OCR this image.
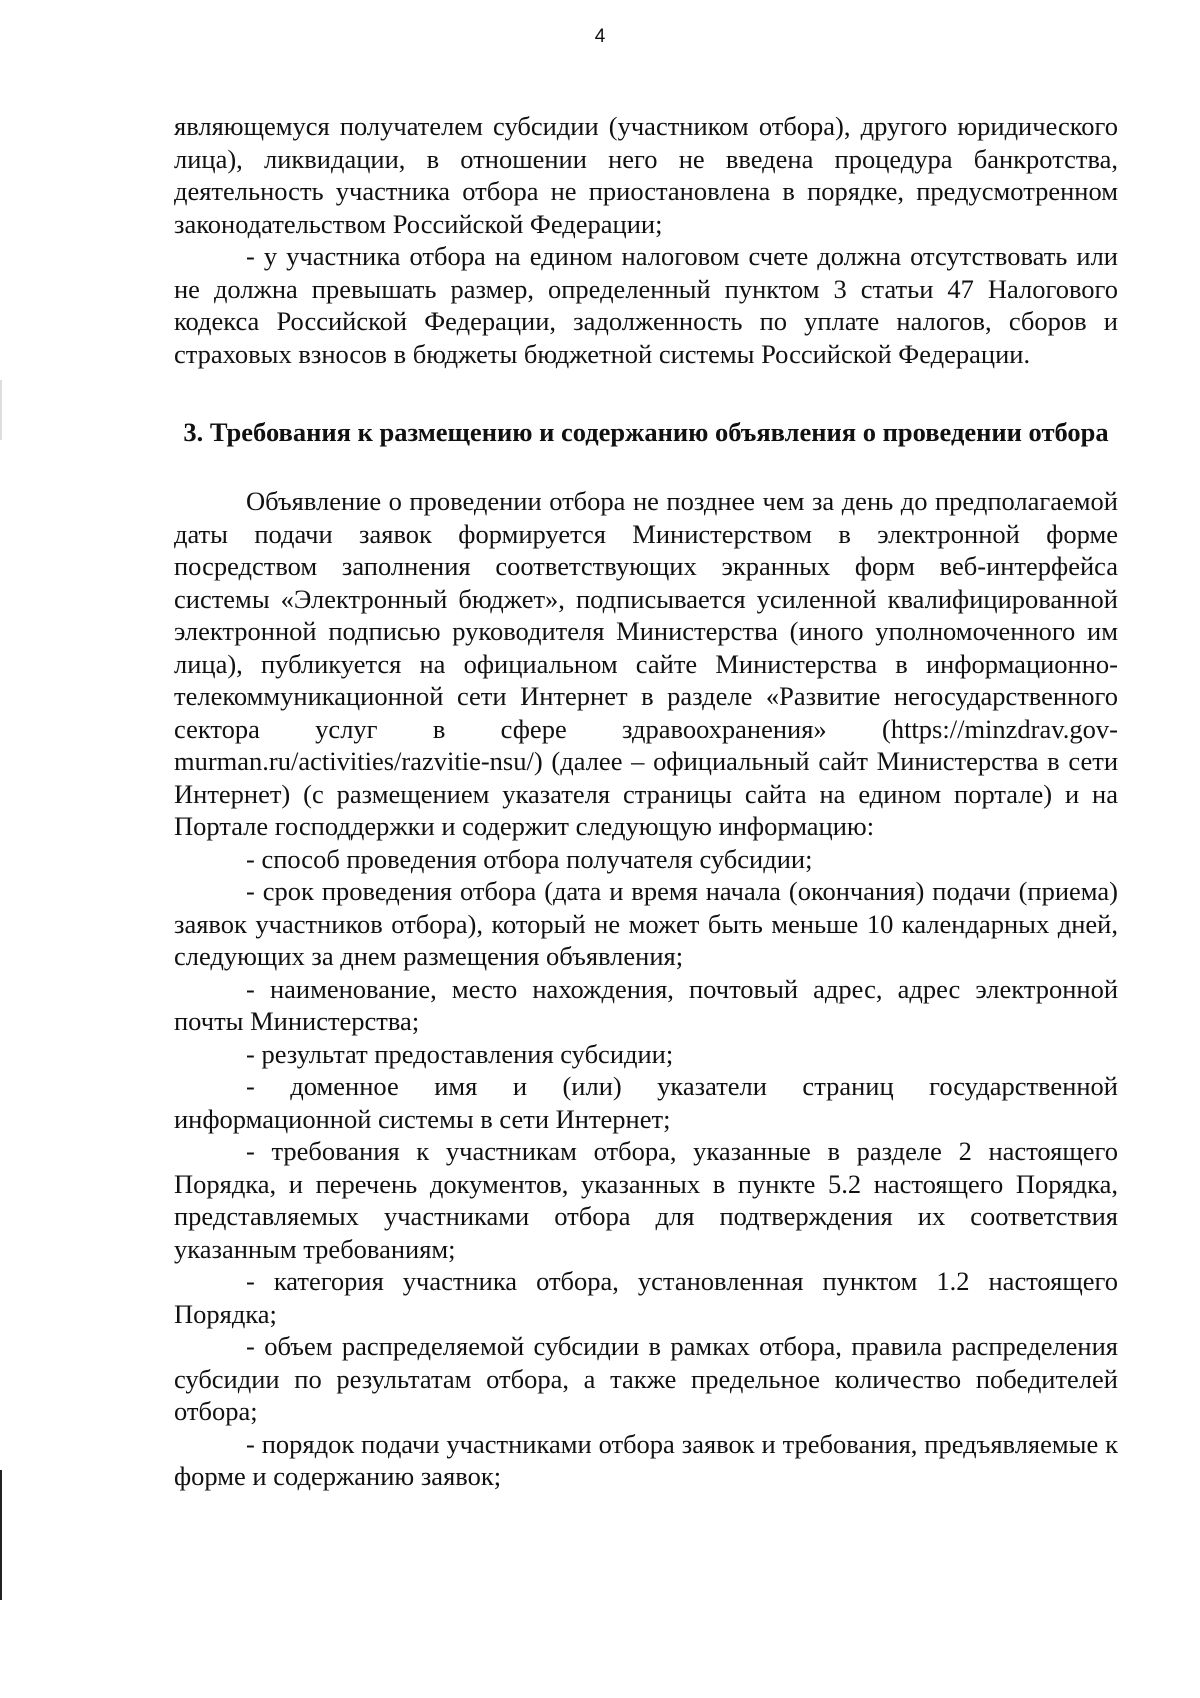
4

являющемуся получателем субсидии (участником отбора), другого юридического лица), ликвидации, в отношении него не введена процедура банкротства, деятельность участника отбора не приостановлена в порядке, предусмотренном законодательством Российской Федерации;

- у участника отбора на едином налоговом счете должна отсутствовать или не должна превышать размер, определенный пунктом 3 статьи 47 Налогового кодекса Российской Федерации, задолженность по уплате налогов, сборов и страховых взносов в бюджеты бюджетной системы Российской Федерации.

3. Требования к размещению и содержанию объявления о проведении отбора

Объявление о проведении отбора не позднее чем за день до предполагаемой даты подачи заявок формируется Министерством в электронной форме посредством заполнения соответствующих экранных форм веб-интерфейса системы «Электронный бюджет», подписывается усиленной квалифицированной электронной подписью руководителя Министерства (иного уполномоченного им лица), публикуется на официальном сайте Министерства в информационно-телекоммуникационной сети Интернет в разделе «Развитие негосударственного сектора услуг в сфере здравоохранения» (https://minzdrav.gov-murman.ru/activities/razvitie-nsu/) (далее – официальный сайт Министерства в сети Интернет) (с размещением указателя страницы сайта на едином портале) и на Портале господдержки и содержит следующую информацию:

- способ проведения отбора получателя субсидии;

- срок проведения отбора (дата и время начала (окончания) подачи (приема) заявок участников отбора), который не может быть меньше 10 календарных дней, следующих за днем размещения объявления;

- наименование, место нахождения, почтовый адрес, адрес электронной почты Министерства;

- результат предоставления субсидии;

- доменное имя и (или) указатели страниц государственной информационной системы в сети Интернет;

- требования к участникам отбора, указанные в разделе 2 настоящего Порядка, и перечень документов, указанных в пункте 5.2 настоящего Порядка, представляемых участниками отбора для подтверждения их соответствия указанным требованиям;

- категория участника отбора, установленная пунктом 1.2 настоящего Порядка;

- объем распределяемой субсидии в рамках отбора, правила распределения субсидии по результатам отбора, а также предельное количество победителей отбора;

- порядок подачи участниками отбора заявок и требования, предъявляемые к форме и содержанию заявок;
